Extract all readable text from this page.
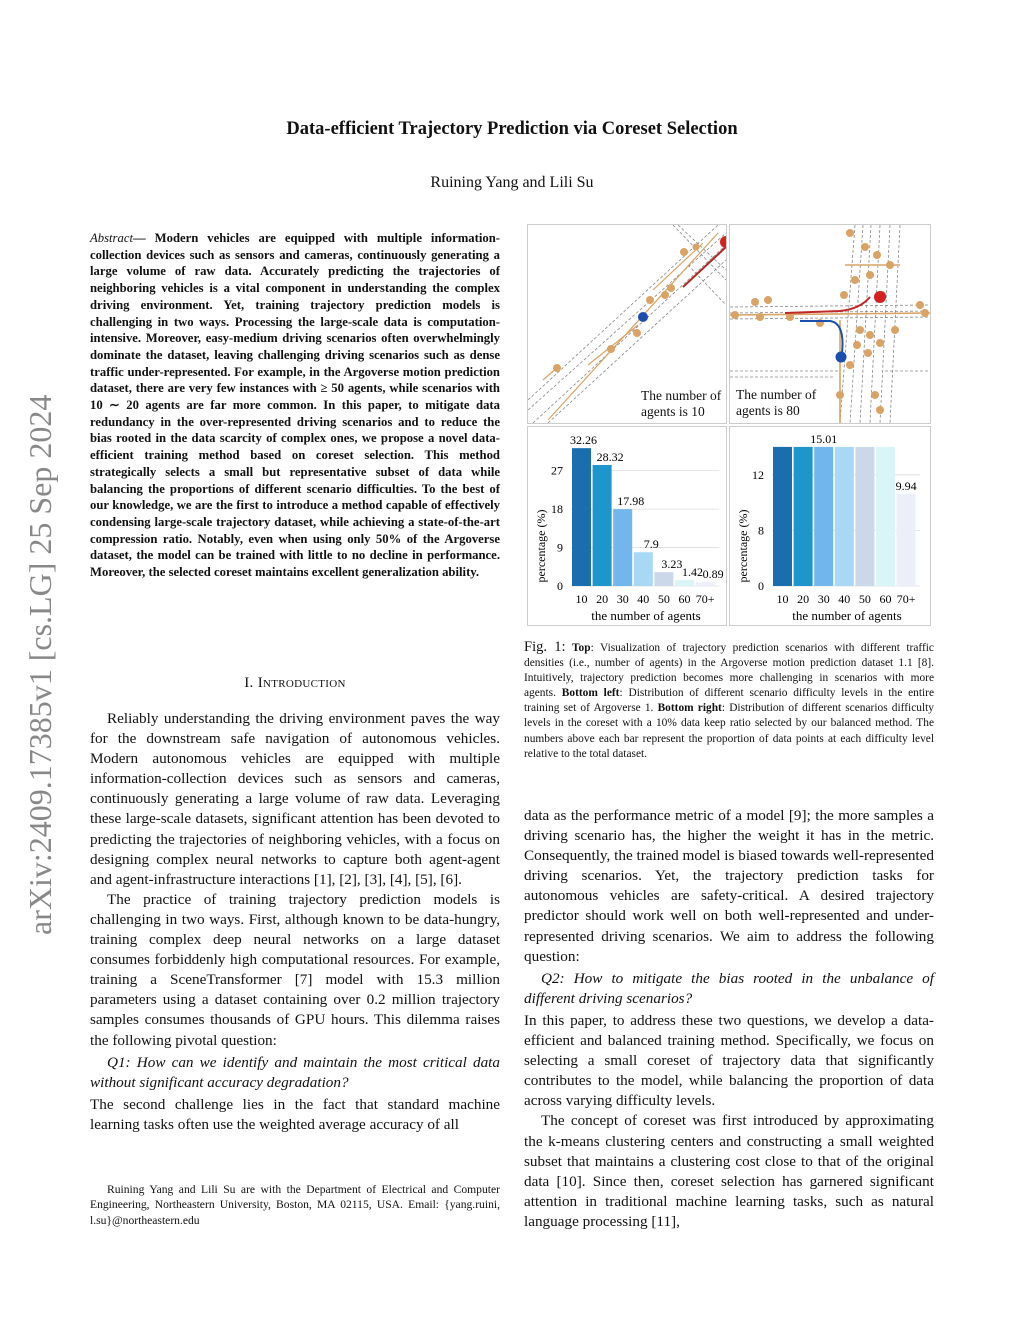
Data-efficient Trajectory Prediction via Coreset Selection
Ruining Yang and Lili Su
arXiv:2409.17385v1 [cs.LG] 25 Sep 2024
Abstract— Modern vehicles are equipped with multiple information-collection devices such as sensors and cameras, continuously generating a large volume of raw data. Accurately predicting the trajectories of neighboring vehicles is a vital component in understanding the complex driving environment. Yet, training trajectory prediction models is challenging in two ways. Processing the large-scale data is computation-intensive. Moreover, easy-medium driving scenarios often overwhelmingly dominate the dataset, leaving challenging driving scenarios such as dense traffic under-represented. For example, in the Argoverse motion prediction dataset, there are very few instances with ≥ 50 agents, while scenarios with 10 ∼ 20 agents are far more common. In this paper, to mitigate data redundancy in the over-represented driving scenarios and to reduce the bias rooted in the data scarcity of complex ones, we propose a novel data-efficient training method based on coreset selection. This method strategically selects a small but representative subset of data while balancing the proportions of different scenario difficulties. To the best of our knowledge, we are the first to introduce a method capable of effectively condensing large-scale trajectory dataset, while achieving a state-of-the-art compression ratio. Notably, even when using only 50% of the Argoverse dataset, the model can be trained with little to no decline in performance. Moreover, the selected coreset maintains excellent generalization ability.
I. Introduction

Reliably understanding the driving environment paves the way for the downstream safe navigation of autonomous vehicles. Modern autonomous vehicles are equipped with multiple information-collection devices such as sensors and cameras, continuously generating a large volume of raw data. Leveraging these large-scale datasets, significant attention has been devoted to predicting the trajectories of neighboring vehicles, with a focus on designing complex neural networks to capture both agent-agent and agent-infrastructure interactions [1], [2], [3], [4], [5], [6].

The practice of training trajectory prediction models is challenging in two ways. First, although known to be data-hungry, training complex deep neural networks on a large dataset consumes forbiddenly high computational resources. For example, training a SceneTransformer [7] model with 15.3 million parameters using a dataset containing over 0.2 million trajectory samples consumes thousands of GPU hours. This dilemma raises the following pivotal question:

Q1: How can we identify and maintain the most critical data without significant accuracy degradation?

The second challenge lies in the fact that standard machine learning tasks often use the weighted average accuracy of all

Ruining Yang and Lili Su are with the Department of Electrical and Computer Engineering, Northeastern University, Boston, MA 02115, USA. Email: {yang.ruini, l.su}@northeastern.edu

The number of agents is 10
The number of agents is 80
0
9
18
27
32.26
10
28.32
20
17.98
30
7.9
40
3.23
50
1.42
60
0.89
70+
the number of agents
percentage (%)
0
8
12
10 20
15.01
30 40 50 60
9.94
70+
the number of agents
percentage (%)
Fig. 1: Top: Visualization of trajectory prediction scenarios with different traffic densities (i.e., number of agents) in the Argoverse motion prediction dataset 1.1 [8]. Intuitively, trajectory prediction becomes more challenging in scenarios with more agents. Bottom left: Distribution of different scenario difficulty levels in the entire training set of Argoverse 1. Bottom right: Distribution of different scenarios difficulty levels in the coreset with a 10% data keep ratio selected by our balanced method. The numbers above each bar represent the proportion of data points at each difficulty level relative to the total dataset.

data as the performance metric of a model [9]; the more samples a driving scenario has, the higher the weight it has in the metric. Consequently, the trained model is biased towards well-represented driving scenarios. Yet, the trajectory prediction tasks for autonomous vehicles are safety-critical. A desired trajectory predictor should work well on both well-represented and under-represented driving scenarios. We aim to address the following question:

Q2: How to mitigate the bias rooted in the unbalance of different driving scenarios?

In this paper, to address these two questions, we develop a data-efficient and balanced training method. Specifically, we focus on selecting a small coreset of trajectory data that significantly contributes to the model, while balancing the proportion of data across varying difficulty levels.

The concept of coreset was first introduced by approximating the k-means clustering centers and constructing a small weighted subset that maintains a clustering cost close to that of the original data [10]. Since then, coreset selection has garnered significant attention in traditional machine learning tasks, such as natural language processing [11],
